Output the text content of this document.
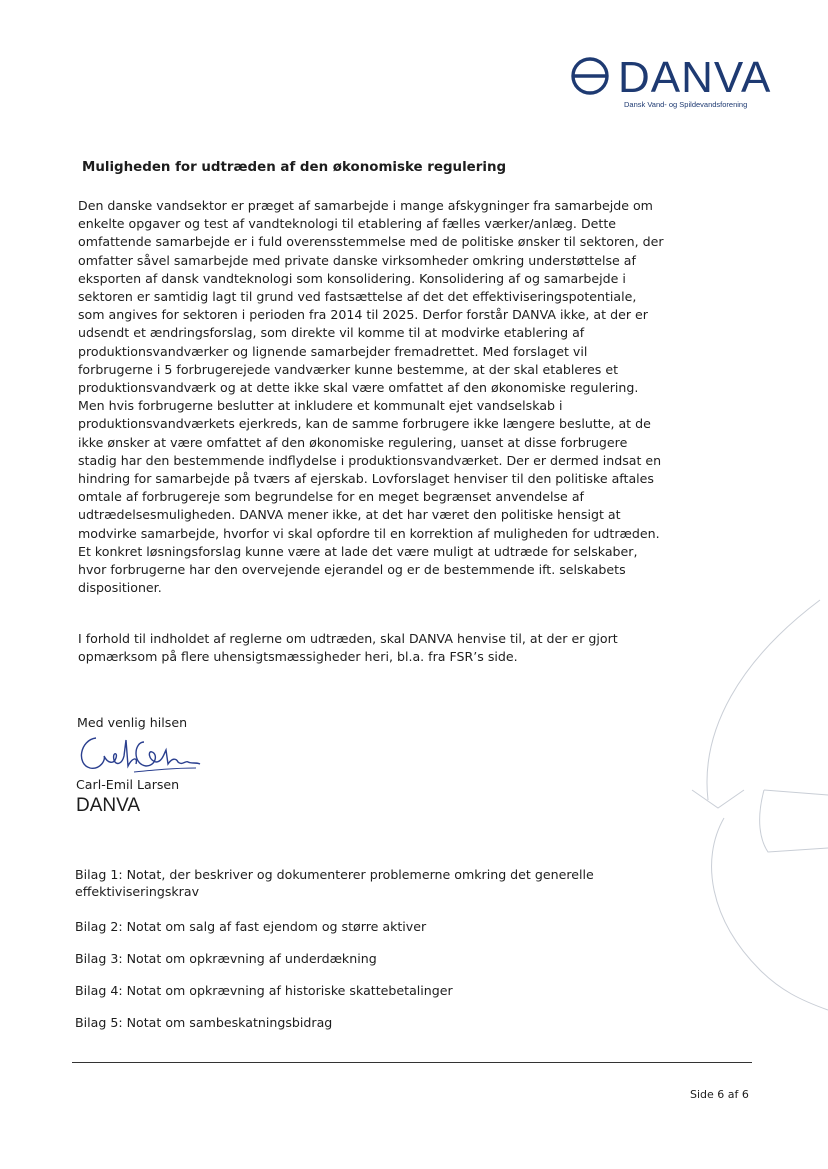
DANVA
Dansk Vand- og Spildevandsforening
Muligheden for udtræden af den økonomiske regulering
Den danske vandsektor er præget af samarbejde i mange afskygninger fra samarbejde om enkelte opgaver og test af vandteknologi til etablering af fælles værker/anlæg. Dette omfattende samarbejde er i fuld overensstemmelse med de politiske ønsker til sektoren, der omfatter såvel samarbejde med private danske virksomheder omkring understøttelse af eksporten af dansk vandteknologi som konsolidering. Konsolidering af og samarbejde i sektoren er samtidig lagt til grund ved fastsættelse af det det effektiviseringspotentiale, som angives for sektoren i perioden fra 2014 til 2025. Derfor forstår DANVA ikke, at der er udsendt et ændringsforslag, som direkte vil komme til at modvirke etablering af produktionsvandværker og lignende samarbejder fremadrettet. Med forslaget vil forbrugerne i 5 forbrugerejede vandværker kunne bestemme, at der skal etableres et produktionsvandværk og at dette ikke skal være omfattet af den økonomiske regulering. Men hvis forbrugerne beslutter at inkludere et kommunalt ejet vandselskab i produktionsvandværkets ejerkreds, kan de samme forbrugere ikke længere beslutte, at de ikke ønsker at være omfattet af den økonomiske regulering, uanset at disse forbrugere stadig har den bestemmende indflydelse i produktionsvandværket. Der er dermed indsat en hindring for samarbejde på tværs af ejerskab. Lovforslaget henviser til den politiske aftales omtale af forbrugereje som begrundelse for en meget begrænset anvendelse af udtrædelsesmuligheden. DANVA mener ikke, at det har været den politiske hensigt at modvirke samarbejde, hvorfor vi skal opfordre til en korrektion af muligheden for udtræden. Et konkret løsningsforslag kunne være at lade det være muligt at udtræde for selskaber, hvor forbrugerne har den overvejende ejerandel og er de bestemmende ift. selskabets dispositioner.
I forhold til indholdet af reglerne om udtræden, skal DANVA henvise til, at der er gjort opmærksom på flere uhensigtsmæssigheder heri, bl.a. fra FSR’s side.
Med venlig hilsen
Carl-Emil Larsen
DANVA
Bilag 1: Notat, der beskriver og dokumenterer problemerne omkring det generelle effektiviseringskrav
Bilag 2: Notat om salg af fast ejendom og større aktiver
Bilag 3: Notat om opkrævning af underdækning
Bilag 4: Notat om opkrævning af historiske skattebetalinger
Bilag 5: Notat om sambeskatningsbidrag
Side 6 af 6
